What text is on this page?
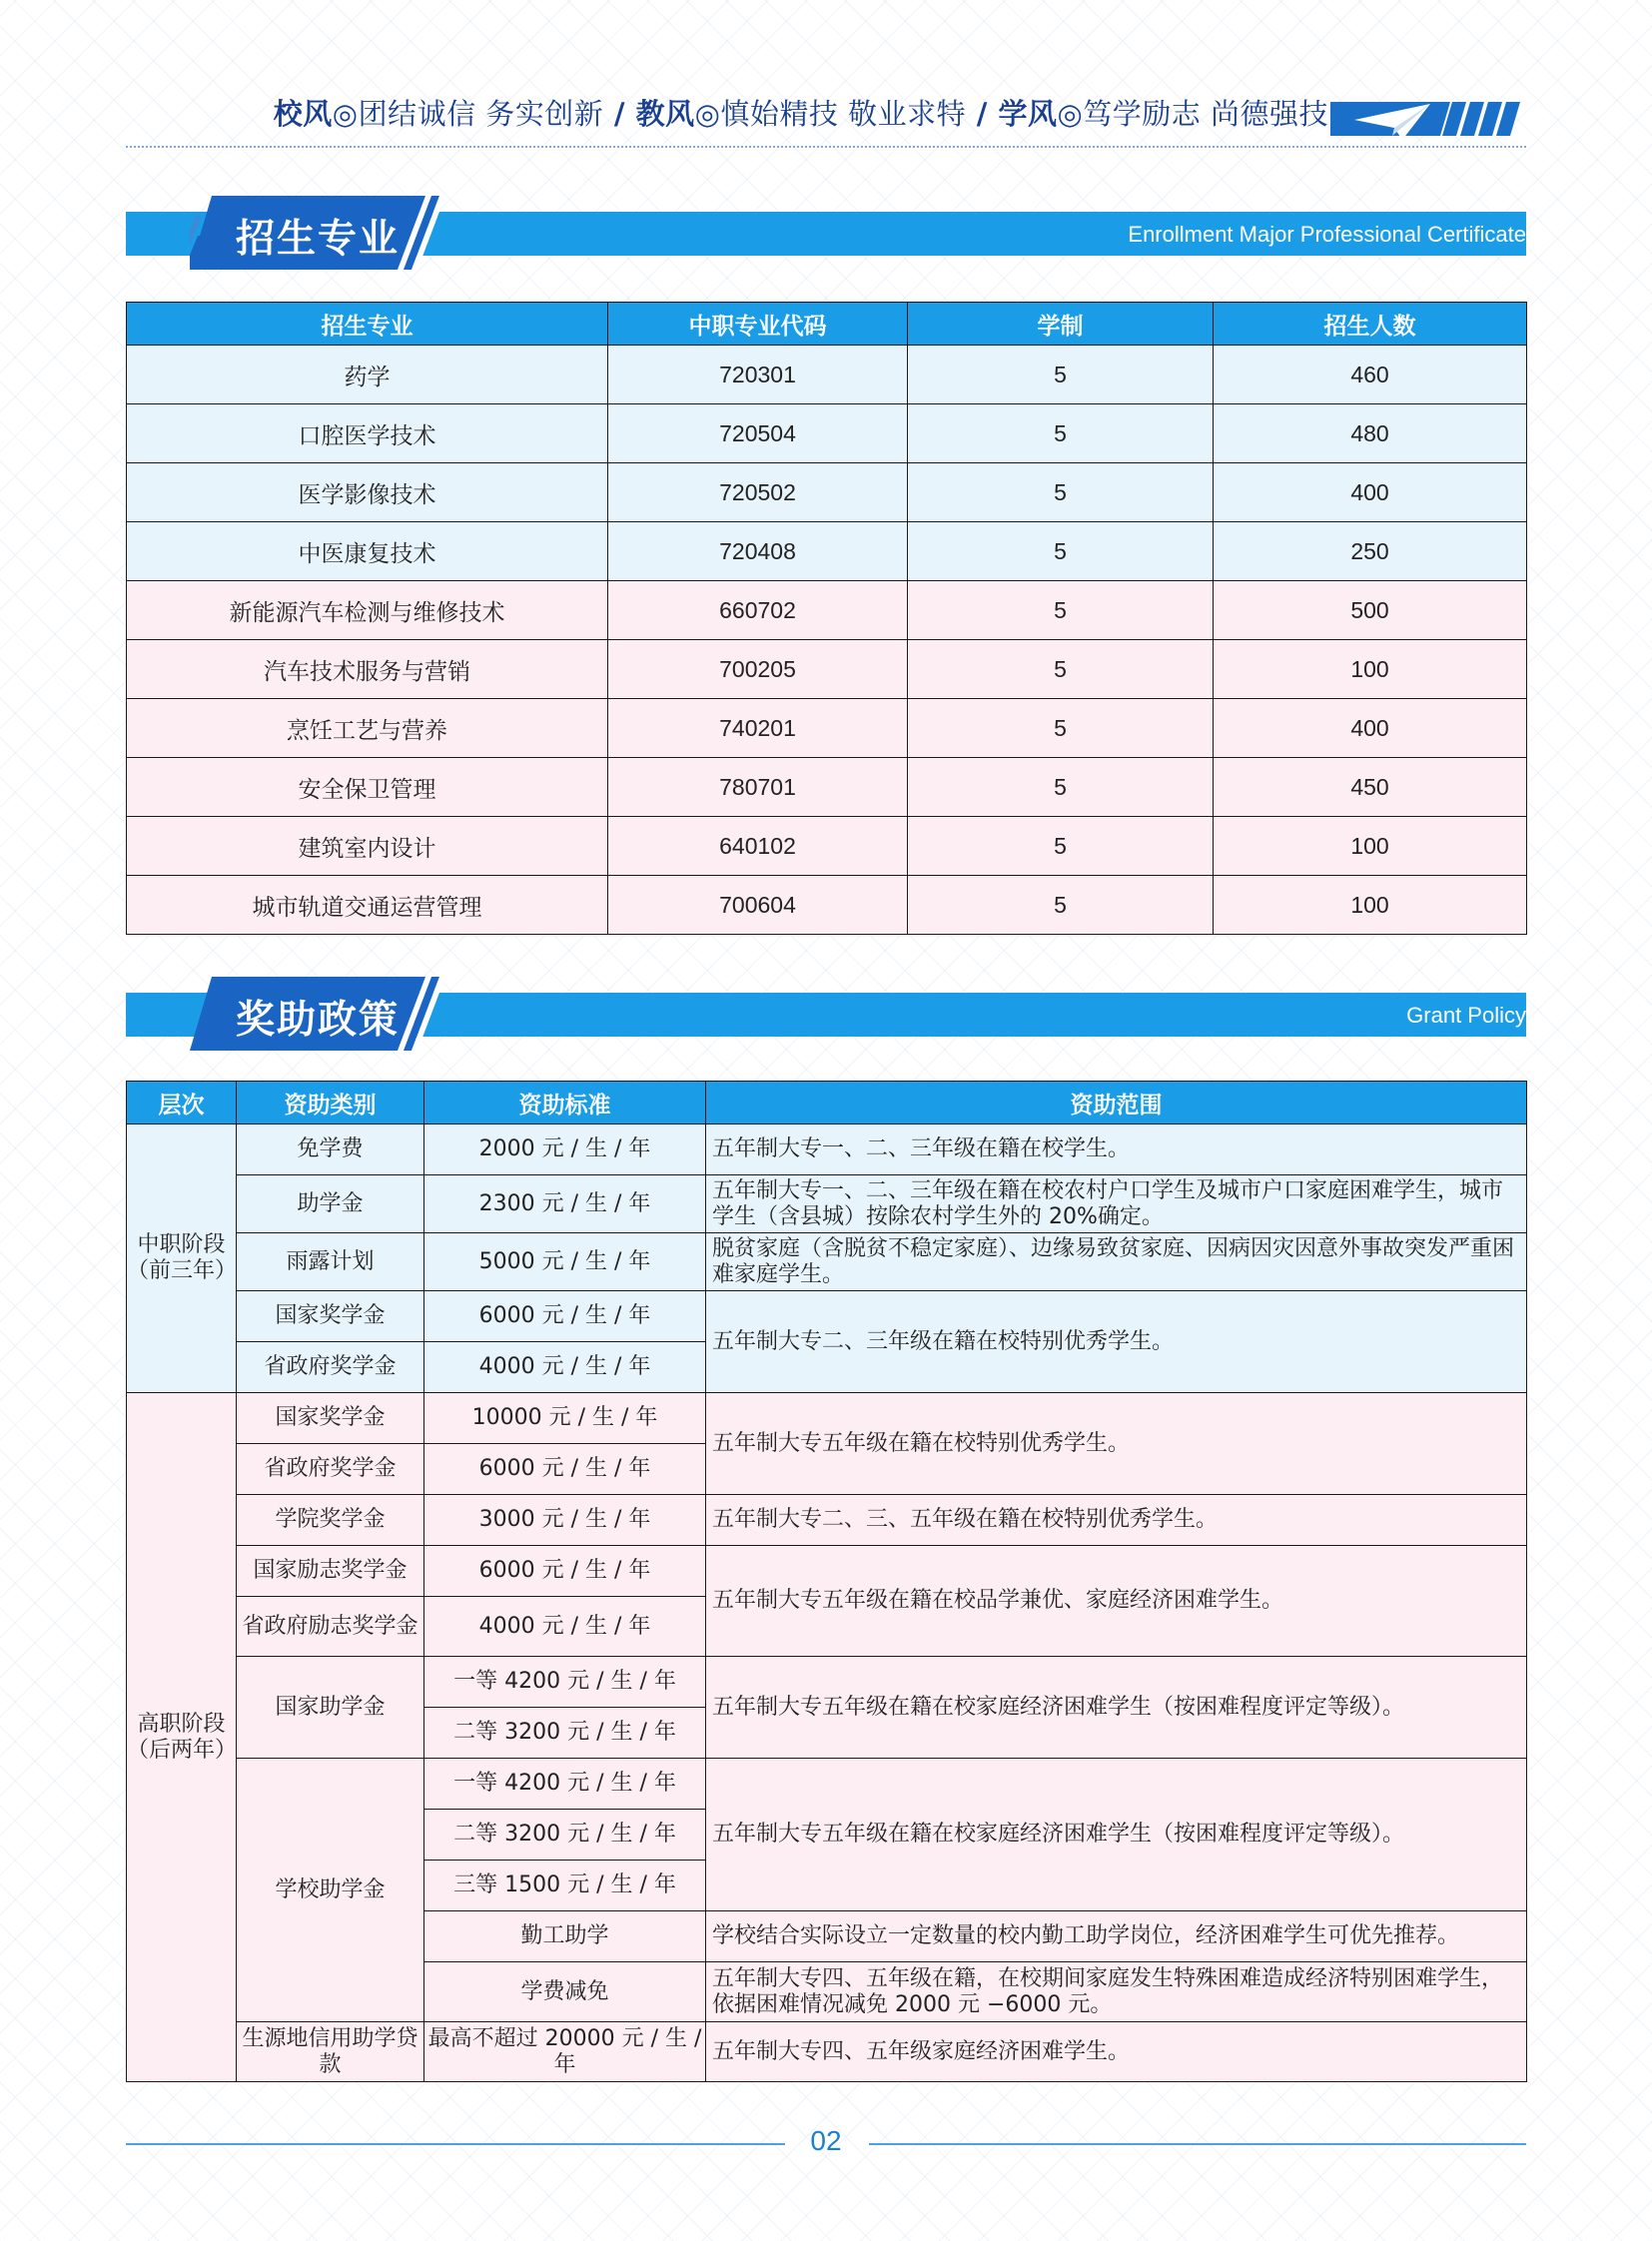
校风◎团结诚信 务实创新 / 教风◎慎始精技 敬业求特 / 学风◎笃学励志 尚德强技
招生专业	Enrollment Major Professional Certificate
招生专业	中职专业代码	学制	招生人数
药学	720301	5	460
口腔医学技术	720504	5	480
医学影像技术	720502	5	400
中医康复技术	720408	5	250
新能源汽车检测与维修技术	660702	5	500
汽车技术服务与营销	700205	5	100
烹饪工艺与营养	740201	5	400
安全保卫管理	780701	5	450
建筑室内设计	640102	5	100
城市轨道交通运营管理	700604	5	100
奖助政策	Grant Policy
层次	资助类别	资助标准	资助范围
中职阶段（前三年）	免学费	2000 元 / 生 / 年	五年制大专一、二、三年级在籍在校学生。
	助学金	2300 元 / 生 / 年	五年制大专一、二、三年级在籍在校农村户口学生及城市户口家庭困难学生，城市学生（含县城）按除农村学生外的 20%确定。
	雨露计划	5000 元 / 生 / 年	脱贫家庭（含脱贫不稳定家庭）、边缘易致贫家庭、因病因灾因意外事故突发严重困难家庭学生。
	国家奖学金	6000 元 / 生 / 年	五年制大专二、三年级在籍在校特别优秀学生。
	省政府奖学金	4000 元 / 生 / 年	
高职阶段（后两年）	国家奖学金	10000 元 / 生 / 年	五年制大专五年级在籍在校特别优秀学生。
	省政府奖学金	6000 元 / 生 / 年	
	学院奖学金	3000 元 / 生 / 年	五年制大专二、三、五年级在籍在校特别优秀学生。
	国家励志奖学金	6000 元 / 生 / 年	五年制大专五年级在籍在校品学兼优、家庭经济困难学生。
	省政府励志奖学金	4000 元 / 生 / 年	
	国家助学金	一等 4200 元 / 生 / 年	五年制大专五年级在籍在校家庭经济困难学生（按困难程度评定等级）。
		二等 3200 元 / 生 / 年	
	学校助学金	一等 4200 元 / 生 / 年	五年制大专五年级在籍在校家庭经济困难学生（按困难程度评定等级）。
		二等 3200 元 / 生 / 年	
		三等 1500 元 / 生 / 年	
		勤工助学	学校结合实际设立一定数量的校内勤工助学岗位，经济困难学生可优先推荐。
		学费减免	五年制大专四、五年级在籍，在校期间家庭发生特殊困难造成经济特别困难学生，依据困难情况减免 2000 元 −6000 元。
	生源地信用助学贷款	最高不超过 20000 元 / 生 / 年	五年制大专四、五年级家庭经济困难学生。
02
